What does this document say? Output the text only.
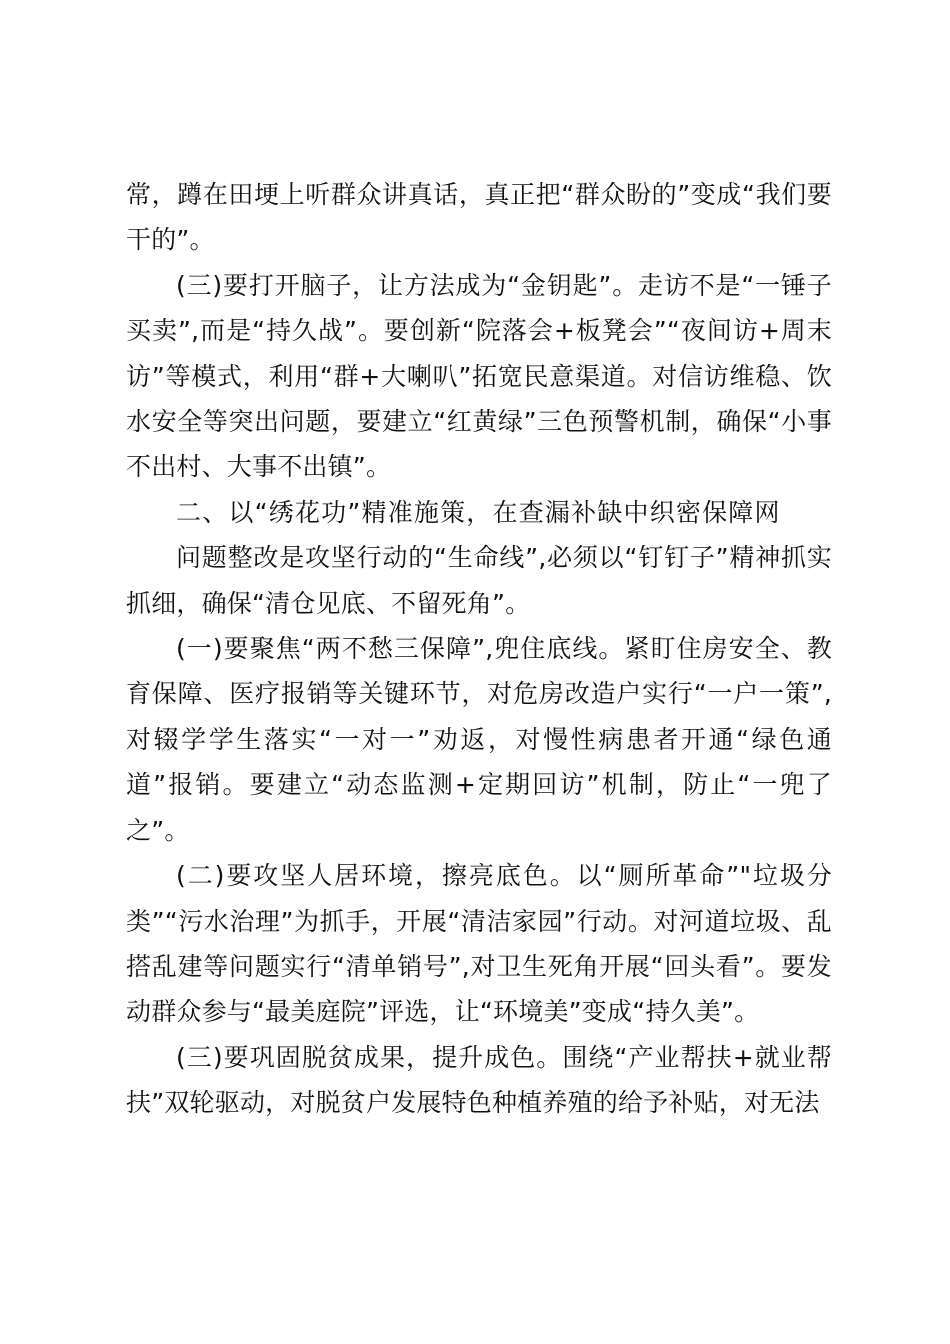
常，蹲在田埂上听群众讲真话，真正把“群众盼的”变成“我们要干的”。

(三)要打开脑子，让方法成为“金钥匙”。走访不是“一锤子买卖”,而是“持久战”。要创新“院落会+板凳会”“夜间访+周末访”等模式，利用“群+大喇叭”拓宽民意渠道。对信访维稳、饮水安全等突出问题，要建立“红黄绿”三色预警机制，确保“小事不出村、大事不出镇”。

二、以“绣花功”精准施策，在查漏补缺中织密保障网

问题整改是攻坚行动的“生命线”,必须以“钉钉子”精神抓实抓细，确保“清仓见底、不留死角”。

(一)要聚焦“两不愁三保障”,兜住底线。紧盯住房安全、教育保障、医疗报销等关键环节，对危房改造户实行“一户一策”,对辍学学生落实“一对一”劝返，对慢性病患者开通“绿色通道”报销。要建立“动态监测+定期回访”机制，防止“一兜了之”。

(二)要攻坚人居环境，擦亮底色。以“厕所革命”"垃圾分类”“污水治理”为抓手，开展“清洁家园”行动。对河道垃圾、乱搭乱建等问题实行“清单销号”,对卫生死角开展“回头看”。要发动群众参与“最美庭院”评选，让“环境美”变成“持久美”。

(三)要巩固脱贫成果，提升成色。围绕“产业帮扶+就业帮扶”双轮驱动，对脱贫户发展特色种植养殖的给予补贴，对无法
